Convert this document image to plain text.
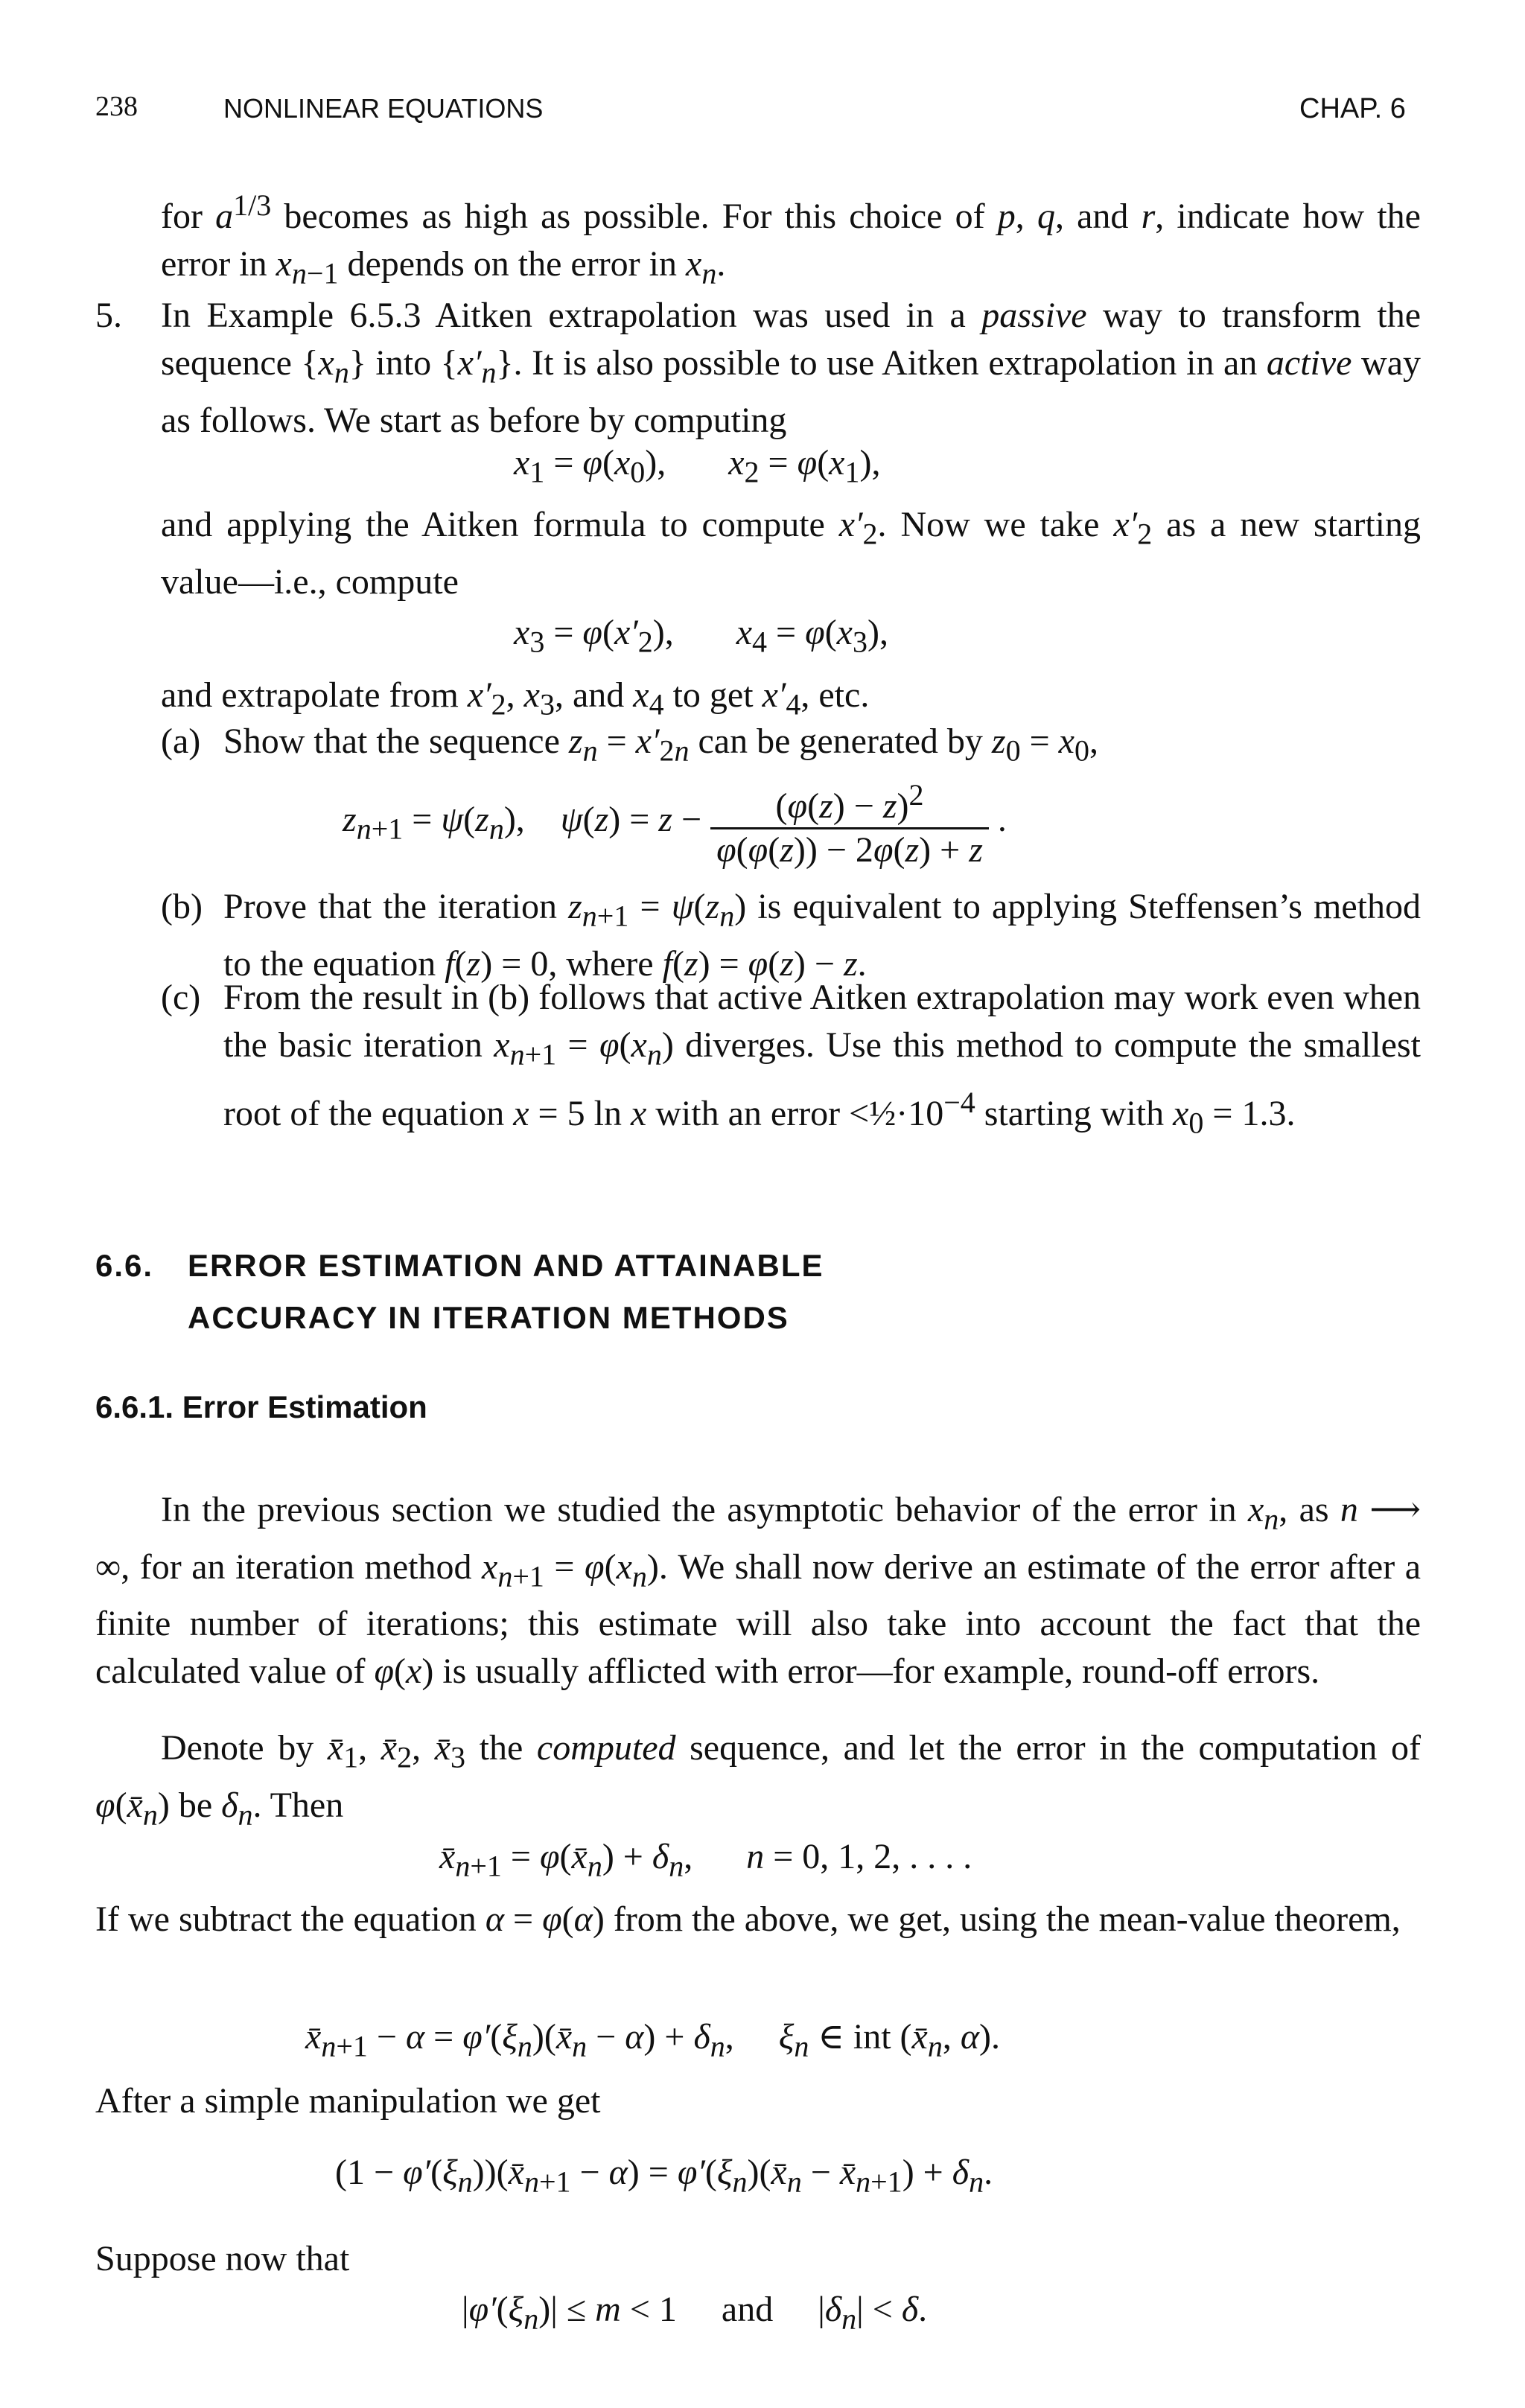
238	NONLINEAR EQUATIONS	CHAP. 6

for $a^{1/3}$ becomes as high as possible. For this choice of p, q, and r, indicate how the error in $x_{n-1}$ depends on the error in $x_n$.

5. In Example 6.5.3 Aitken extrapolation was used in a passive way to transform the sequence $\{x_n\}$ into $\{x'_n\}$. It is also possible to use Aitken extrapolation in an active way as follows. We start as before by computing

$x_1 = \varphi(x_0)$,       $x_2 = \varphi(x_1)$,

and applying the Aitken formula to compute $x'_2$. Now we take $x'_2$ as a new starting value—i.e., compute

$x_3 = \varphi(x'_2)$,       $x_4 = \varphi(x_3)$,

and extrapolate from $x'_2$, $x_3$, and $x_4$ to get $x'_4$, etc.

(a) Show that the sequence $z_n = x'_{2n}$ can be generated by $z_0 = x_0$,

$z_{n+1} = \psi(z_n)$,    $\psi(z) = z - \frac{(\varphi(z) - z)^2}{\varphi(\varphi(z)) - 2\varphi(z) + z}$ .
(b) Prove that the iteration $z_{n+1} = \psi(z_n)$ is equivalent to applying Steffensen’s method to the equation f(z) = 0, where f(z) = φ(z) − z.

(c) From the result in (b) follows that active Aitken extrapolation may work even when the basic iteration $x_{n+1} = \varphi(x_n)$ diverges. Use this method to compute the smallest root of the equation x = 5 ln x with an error $<\frac{1}{2}\cdot 10^{-4}$ starting with $x_0 = 1.3$.

6.6. ERROR ESTIMATION AND ATTAINABLE
ACCURACY IN ITERATION METHODS
6.6.1. Error Estimation

In the previous section we studied the asymptotic behavior of the error in $x_n$, as n ⟶ ∞, for an iteration method $x_{n+1} = \varphi(x_n)$. We shall now derive an estimate of the error after a finite number of iterations; this estimate will also take into account the fact that the calculated value of φ(x) is usually afflicted with error—for example, round-off errors.

Denote by $x̄_1$, $x̄_2$, $x̄_3$ the computed sequence, and let the error in the computation of $\varphi(x̄_n)$ be $\delta_n$. Then

$x̄_{n+1}$ = $\varphi(x̄_n) + \delta_n$,      n = 0, 1, 2, . . . .

If we subtract the equation α = φ(α) from the above, we get, using the mean-value theorem,

$x̄_{n+1} - \alpha$ = $\varphi'(\xi_n)(x̄_n - \alpha) + \delta_n$,     $\xi_n$ ∈ int ($x̄_n$, α).

After a simple manipulation we get

$(1 - \varphi'(\xi_n))(x̄_{n+1} - \alpha)$ = $\varphi'(\xi_n)(x̄_n$ − $x̄_{n+1}) + \delta_n$.

Suppose now that

$|\varphi'(\xi_n)| \le m < 1$     and     $|\delta_n| < \delta$.
